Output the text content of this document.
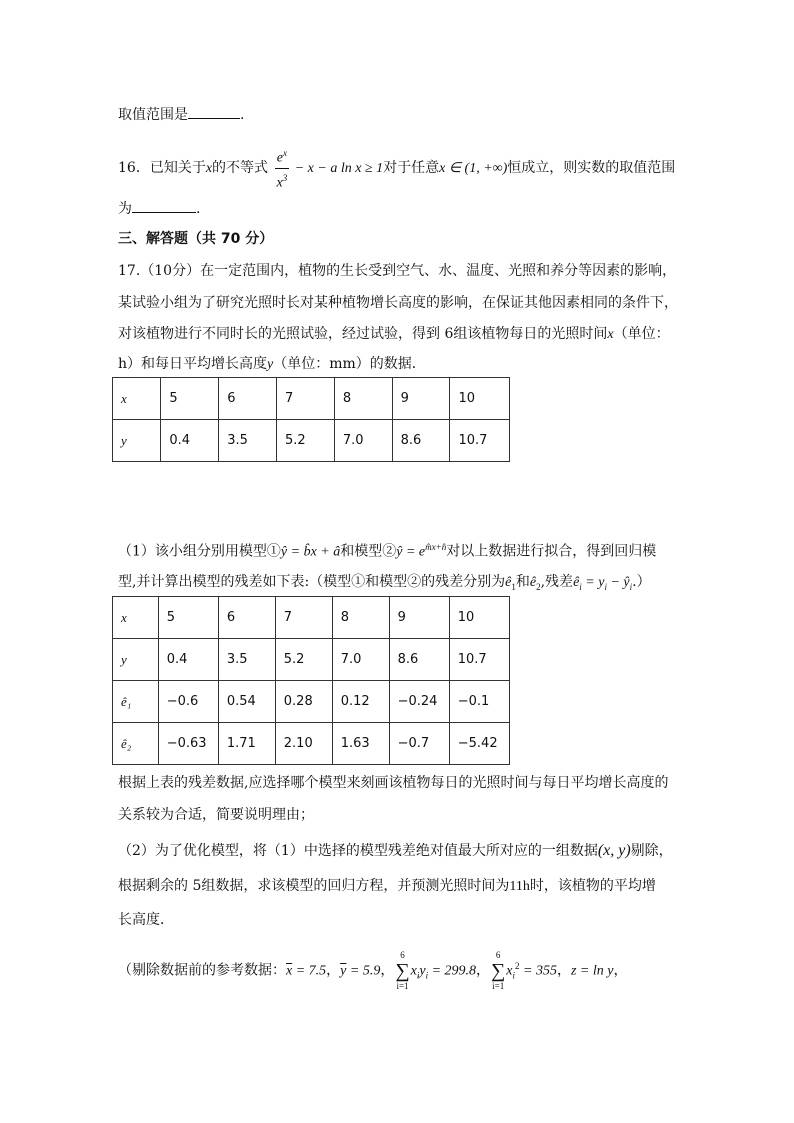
取值范围是	.
16．已知关于x的不等式 $\frac{e^x}{x^3} - x - a$ ln x ≥ 1对于任意x ∈ (1, +∞)恒成立，则实数的取值范围
为	.
三、解答题（共 70 分）
17.（10分）在一定范围内，植物的生长受到空气、水、温度、光照和养分等因素的影响，
某试验小组为了研究光照时长对某种植物增长高度的影响，在保证其他因素相同的条件下，
对该植物进行不同时长的光照试验，经过试验，得到 6组该植物每日的光照时间x（单位：
h）和每日平均增长高度y（单位：mm）的数据．
x	5	6	7	8	9	10
y	0.4	3.5	5.2	7.0	8.6	10.7
（1）该小组分别用模型①ŷ = b̂x + â和模型②ŷ = $e^{m̂x+n̂}$对以上数据进行拟合，得到回归模
型,并计算出模型的残差如下表:（模型①和模型②的残差分别为$ê_1$和$ê_2$,残差$ê_i = y_i$ − $ŷ_i$.）
x	5	6	7	8	9	10
y	0.4	3.5	5.2	7.0	8.6	10.7
ê₁	−0.6	0.54	0.28	0.12	−0.24	−0.1
ê₂	−0.63	1.71	2.10	1.63	−0.7	−5.42
根据上表的残差数据,应选择哪个模型来刻画该植物每日的光照时间与每日平均增长高度的
关系较为合适，简要说明理由；
（2）为了优化模型，将（1）中选择的模型残差绝对值最大所对应的一组数据(x, y)剔除，
根据剩余的 5组数据，求该模型的回归方程，并预测光照时间为11h时，该植物的平均增
长高度．
（剔除数据前的参考数据：$\overline{x} = 7.5$，$\overline{y} = 5.9$，
6
∑
i=1
$x_iy_i = 299.8$，
6
∑
i=1
$x_i^2 = 355$，z = ln y，
